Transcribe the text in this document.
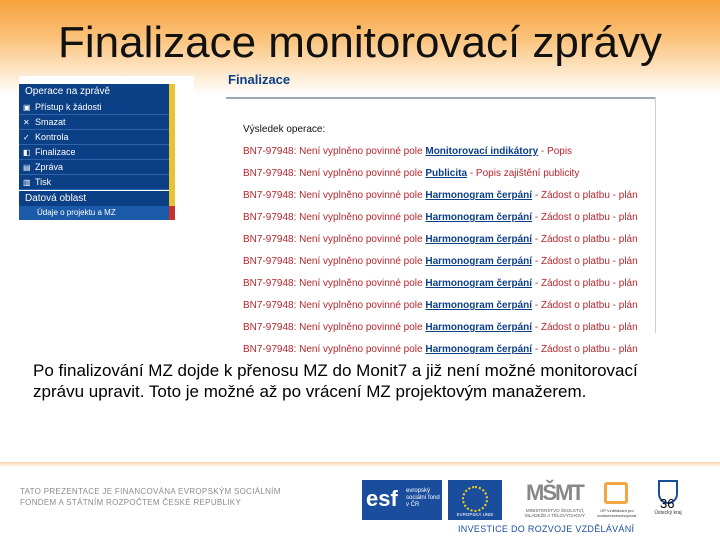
Finalizace monitorovací zprávy
Operace na zprávě
▣ Přístup k žádosti
✕ Smazat
✓ Kontrola
◧ Finalizace
▤ Zpráva
▥ Tisk
Datová oblast
Údaje o projektu a MZ
Finalizace
Výsledek operace:
BN7-97948: Není vyplněno povinné pole Monitorovací indikátory - Popis
BN7-97948: Není vyplněno povinné pole Publicita - Popis zajištění publicity
BN7-97948: Není vyplněno povinné pole Harmonogram čerpání - Žádost o platbu - plán
BN7-97948: Není vyplněno povinné pole Harmonogram čerpání - Žádost o platbu - plán
BN7-97948: Není vyplněno povinné pole Harmonogram čerpání - Žádost o platbu - plán
BN7-97948: Není vyplněno povinné pole Harmonogram čerpání - Žádost o platbu - plán
BN7-97948: Není vyplněno povinné pole Harmonogram čerpání - Žádost o platbu - plán
BN7-97948: Není vyplněno povinné pole Harmonogram čerpání - Žádost o platbu - plán
BN7-97948: Není vyplněno povinné pole Harmonogram čerpání - Žádost o platbu - plán
BN7-97948: Není vyplněno povinné pole Harmonogram čerpání - Žádost o platbu - plán
Po finalizování MZ dojde k přenosu MZ do Monit7 a již není možné monitorovací zprávu upravit. Toto je možné až po vrácení MZ projektovým manažerem.
TATO PREZENTACE JE FINANCOVÁNA EVROPSKÝM SOCIÁLNÍM
FONDEM A STÁTNÍM ROZPOČTEM ČESKÉ REPUBLIKY	esf evropský sociální fond v ČR
EVROPSKÁ UNIE
MŠMT
MINISTERSTVO ŠKOLSTVÍ, MLÁDEŽE A TĚLOVÝCHOVY
OP Vzdělávání pro konkurenceschopnost	Ústecký kraj
36
INVESTICE DO ROZVOJE VZDĚLÁVÁNÍ
